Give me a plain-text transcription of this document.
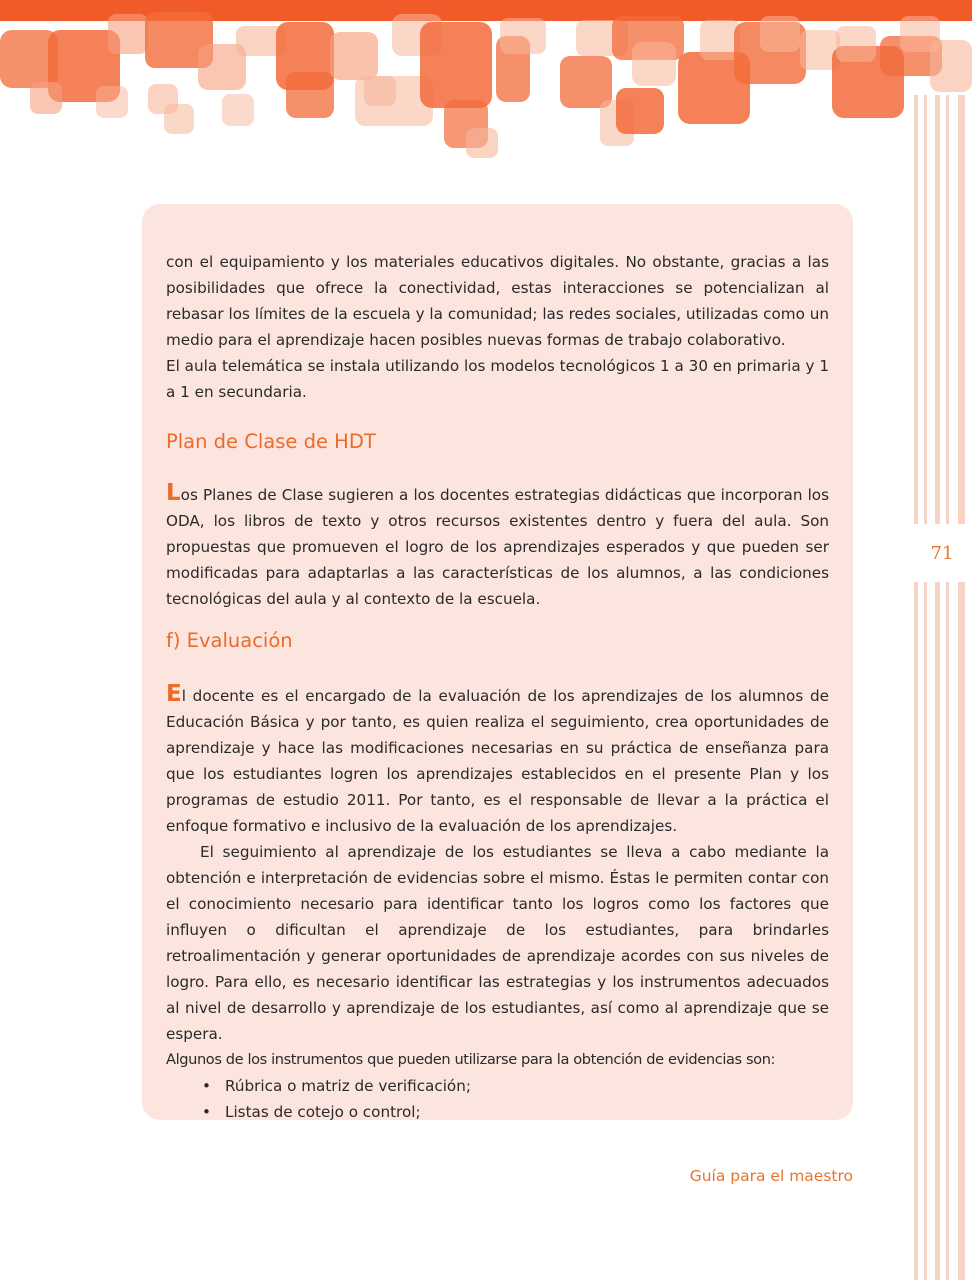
71

con el equipamiento y los materiales educativos digitales. No obstante, gracias a las posibilidades que ofrece la conectividad, estas interacciones se potencializan al rebasar los límites de la escuela y la comunidad; las redes sociales, utilizadas como un medio para el aprendizaje hacen posibles nuevas formas de trabajo colaborativo.

El aula telemática se instala utilizando los modelos tecnológicos 1 a 30 en primaria y 1 a 1 en secundaria.

Plan de Clase de HDT

Los Planes de Clase sugieren a los docentes estrategias didácticas que incorporan los ODA, los libros de texto y otros recursos existentes dentro y fuera del aula. Son propuestas que promueven el logro de los aprendizajes esperados y que pueden ser modificadas para adaptarlas a las características de los alumnos, a las condiciones tecnológicas del aula y al contexto de la escuela.

f) Evaluación

El docente es el encargado de la evaluación de los aprendizajes de los alumnos de Educación Básica y por tanto, es quien realiza el seguimiento, crea oportunidades de aprendizaje y hace las modificaciones necesarias en su práctica de enseñanza para que los estudiantes logren los aprendizajes establecidos en el presente Plan y los programas de estudio 2011. Por tanto, es el responsable de llevar a la práctica el enfoque formativo e inclusivo de la evaluación de los aprendizajes.

El seguimiento al aprendizaje de los estudiantes se lleva a cabo mediante la obtención e interpretación de evidencias sobre el mismo. Éstas le permiten contar con el conocimiento necesario para identificar tanto los logros como los factores que influyen o dificultan el aprendizaje de los estudiantes, para brindarles retroalimentación y generar oportunidades de aprendizaje acordes con sus niveles de logro. Para ello, es necesario identificar las estrategias y los instrumentos adecuados al nivel de desarrollo y aprendizaje de los estudiantes, así como al aprendizaje que se espera.

Algunos de los instrumentos que pueden utilizarse para la obtención de evidencias son:

• Rúbrica o matriz de verificación;
• Listas de cotejo o control;
Guía para el maestro
